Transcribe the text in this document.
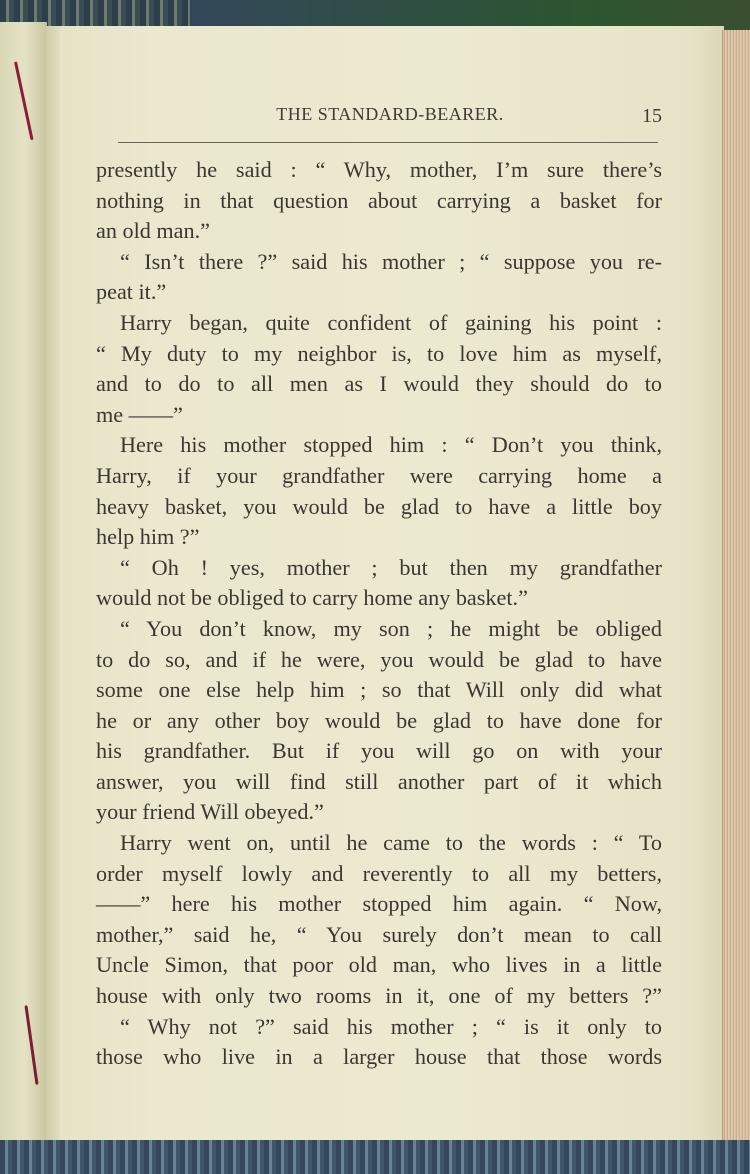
THE STANDARD-BEARER.	15
presently he said : “ Why, mother, I’m sure there’s
nothing in that question about carrying a basket for
an old man.”
“ Isn’t there ?” said his mother ; “ suppose you re-
peat it.”
Harry began, quite confident of gaining his point :
“ My duty to my neighbor is, to love him as myself,
and to do to all men as I would they should do to
me ——”
Here his mother stopped him : “ Don’t you think,
Harry, if your grandfather were carrying home a
heavy basket, you would be glad to have a little boy
help him ?”
“ Oh ! yes, mother ; but then my grandfather
would not be obliged to carry home any basket.”
“ You don’t know, my son ; he might be obliged
to do so, and if he were, you would be glad to have
some one else help him ; so that Will only did what
he or any other boy would be glad to have done for
his grandfather. But if you will go on with your
answer, you will find still another part of it which
your friend Will obeyed.”
Harry went on, until he came to the words : “ To
order myself lowly and reverently to all my betters,
——” here his mother stopped him again. “ Now,
mother,” said he, “ You surely don’t mean to call
Uncle Simon, that poor old man, who lives in a little
house with only two rooms in it, one of my betters ?”
“ Why not ?” said his mother ; “ is it only to
those who live in a larger house that those words
